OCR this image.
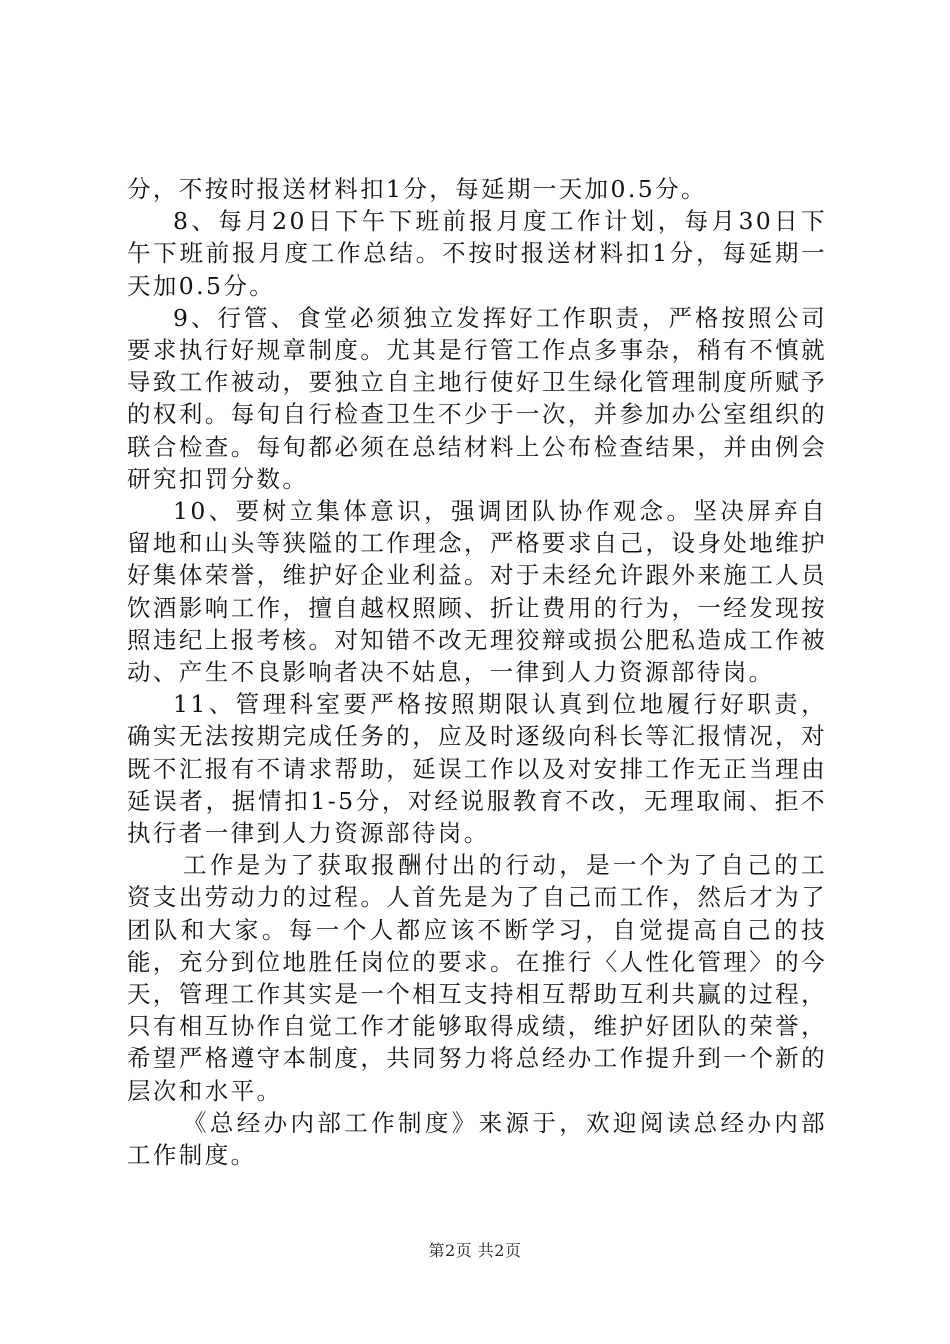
分，不按时报送材料扣1分，每延期一天加0.5分。

8、每月20日下午下班前报月度工作计划，每月30日下午下班前报月度工作总结。不按时报送材料扣1分，每延期一天加0.5分。

9、行管、食堂必须独立发挥好工作职责，严格按照公司要求执行好规章制度。尤其是行管工作点多事杂，稍有不慎就导致工作被动，要独立自主地行使好卫生绿化管理制度所赋予的权利。每旬自行检查卫生不少于一次，并参加办公室组织的联合检查。每旬都必须在总结材料上公布检查结果，并由例会研究扣罚分数。

10、要树立集体意识，强调团队协作观念。坚决屏弃自留地和山头等狭隘的工作理念，严格要求自己，设身处地维护好集体荣誉，维护好企业利益。对于未经允许跟外来施工人员饮酒影响工作，擅自越权照顾、折让费用的行为，一经发现按照违纪上报考核。对知错不改无理狡辩或损公肥私造成工作被动、产生不良影响者决不姑息，一律到人力资源部待岗。

11、管理科室要严格按照期限认真到位地履行好职责，确实无法按期完成任务的，应及时逐级向科长等汇报情况，对既不汇报有不请求帮助，延误工作以及对安排工作无正当理由延误者，据情扣1-5分，对经说服教育不改，无理取闹、拒不执行者一律到人力资源部待岗。

工作是为了获取报酬付出的行动，是一个为了自己的工资支出劳动力的过程。人首先是为了自己而工作，然后才为了团队和大家。每一个人都应该不断学习，自觉提高自己的技能，充分到位地胜任岗位的要求。在推行〈人性化管理〉的今天，管理工作其实是一个相互支持相互帮助互利共赢的过程，只有相互协作自觉工作才能够取得成绩，维护好团队的荣誉，希望严格遵守本制度，共同努力将总经办工作提升到一个新的层次和水平。

《总经办内部工作制度》来源于，欢迎阅读总经办内部工作制度。

第2页 共2页
